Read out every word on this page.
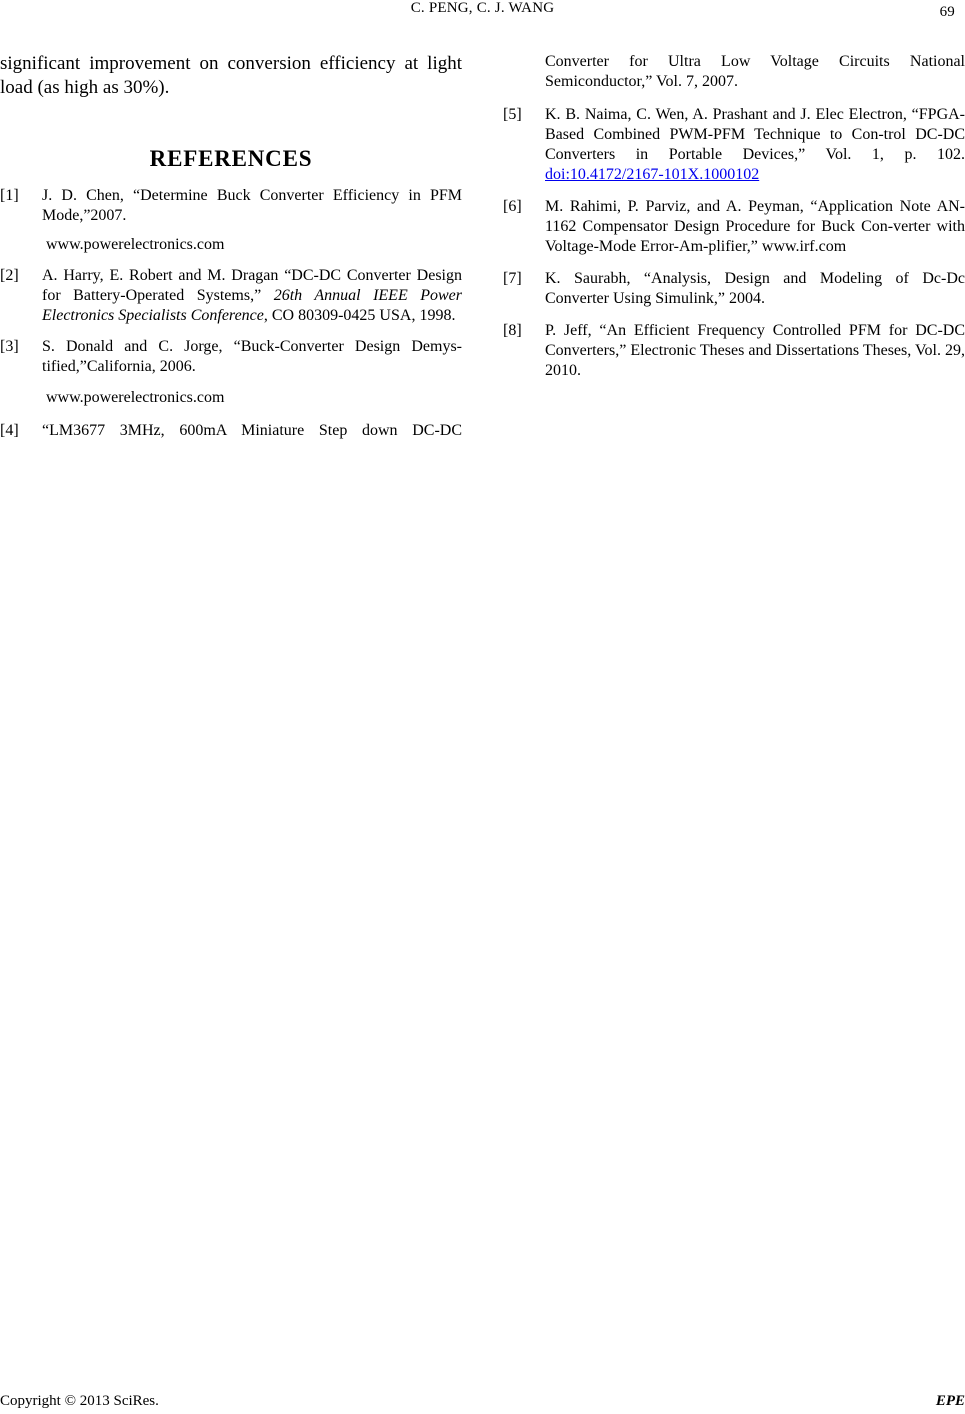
C. PENG, C. J. WANG	69

significant improvement on conversion efficiency at light load (as high as 30%).

REFERENCES
[1]	J. D. Chen, “Determine Buck Converter Efficiency in PFM Mode,”2007.
www.powerelectronics.com
[2]	A. Harry, E. Robert and M. Dragan “DC-DC Converter Design for Battery-Operated Systems,” 26th Annual IEEE Power Electronics Specialists Conference, CO 80309-0425 USA, 1998.
[3]	S. Donald and C. Jorge, “Buck-Converter Design Demys-tified,”California, 2006.
www.powerelectronics.com
[4]	“LM3677 3MHz, 600mA Miniature Step down DC-DC
Converter for Ultra Low Voltage Circuits National Semiconductor,” Vol. 7, 2007.
[5]	K. B. Naima, C. Wen, A. Prashant and J. Elec Electron, “FPGA-Based Combined PWM-PFM Technique to Con-trol DC-DC Converters in Portable Devices,” Vol. 1, p. 102. doi:10.4172/2167-101X.1000102
[6]	M. Rahimi, P. Parviz, and A. Peyman, “Application Note AN-1162 Compensator Design Procedure for Buck Con-verter with Voltage-Mode Error-Am-plifier,” www.irf.com
[7]	K. Saurabh, “Analysis, Design and Modeling of Dc-Dc Converter Using Simulink,” 2004.
[8]	P. Jeff, “An Efficient Frequency Controlled PFM for DC-DC Converters,” Electronic Theses and Dissertations Theses, Vol. 29, 2010.
Copyright © 2013 SciRes.	EPE
